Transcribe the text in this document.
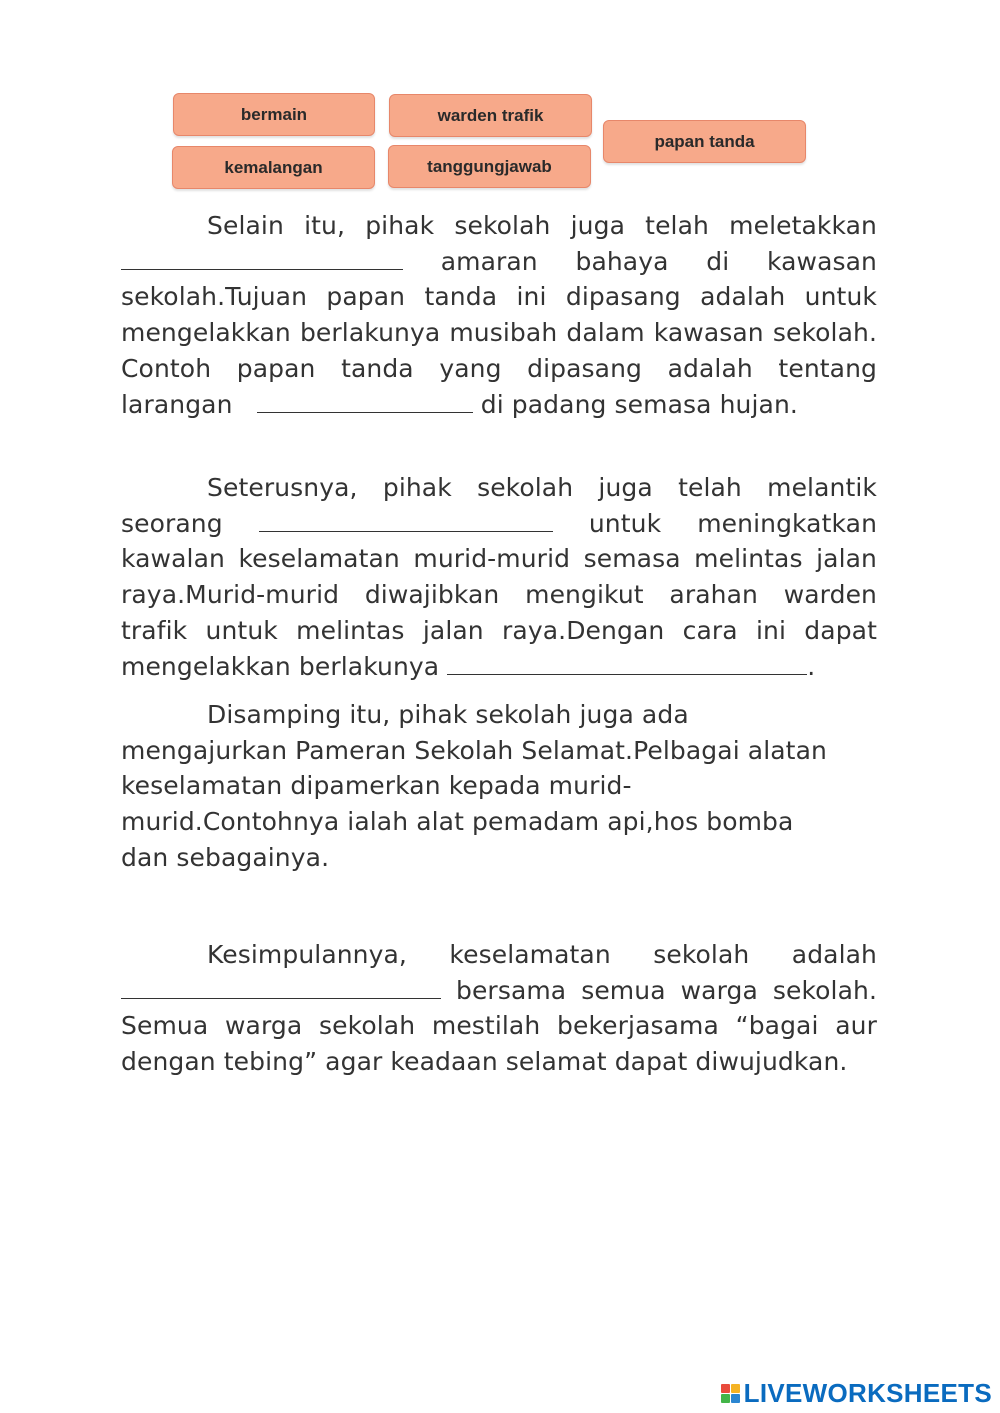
bermain	warden trafik
papan tanda
kemalangan	tanggungjawab

Selain itu, pihak sekolah juga telah meletakkan  amaran bahaya di kawasan sekolah.Tujuan papan tanda ini dipasang adalah untuk mengelakkan berlakunya musibah dalam kawasan sekolah. Contoh papan tanda yang dipasang adalah tentang larangan	di padang semasa hujan.

Seterusnya, pihak sekolah juga telah melantik seorang	untuk meningkatkan kawalan keselamatan murid-murid semasa melintas jalan raya.Murid-murid diwajibkan mengikut arahan warden trafik untuk melintas jalan raya.Dengan cara ini dapat mengelakkan berlakunya	.

Disamping itu, pihak sekolah juga ada
mengajurkan Pameran Sekolah Selamat.Pelbagai alatan
keselamatan dipamerkan kepada murid-
murid.Contohnya ialah alat pemadam api,hos bomba
dan sebagainya.

Kesimpulannya, keselamatan sekolah adalah  bersama semua warga sekolah. Semua warga sekolah mestilah bekerjasama “bagai aur dengan tebing” agar keadaan selamat dapat diwujudkan.

LIVEWORKSHEETS
